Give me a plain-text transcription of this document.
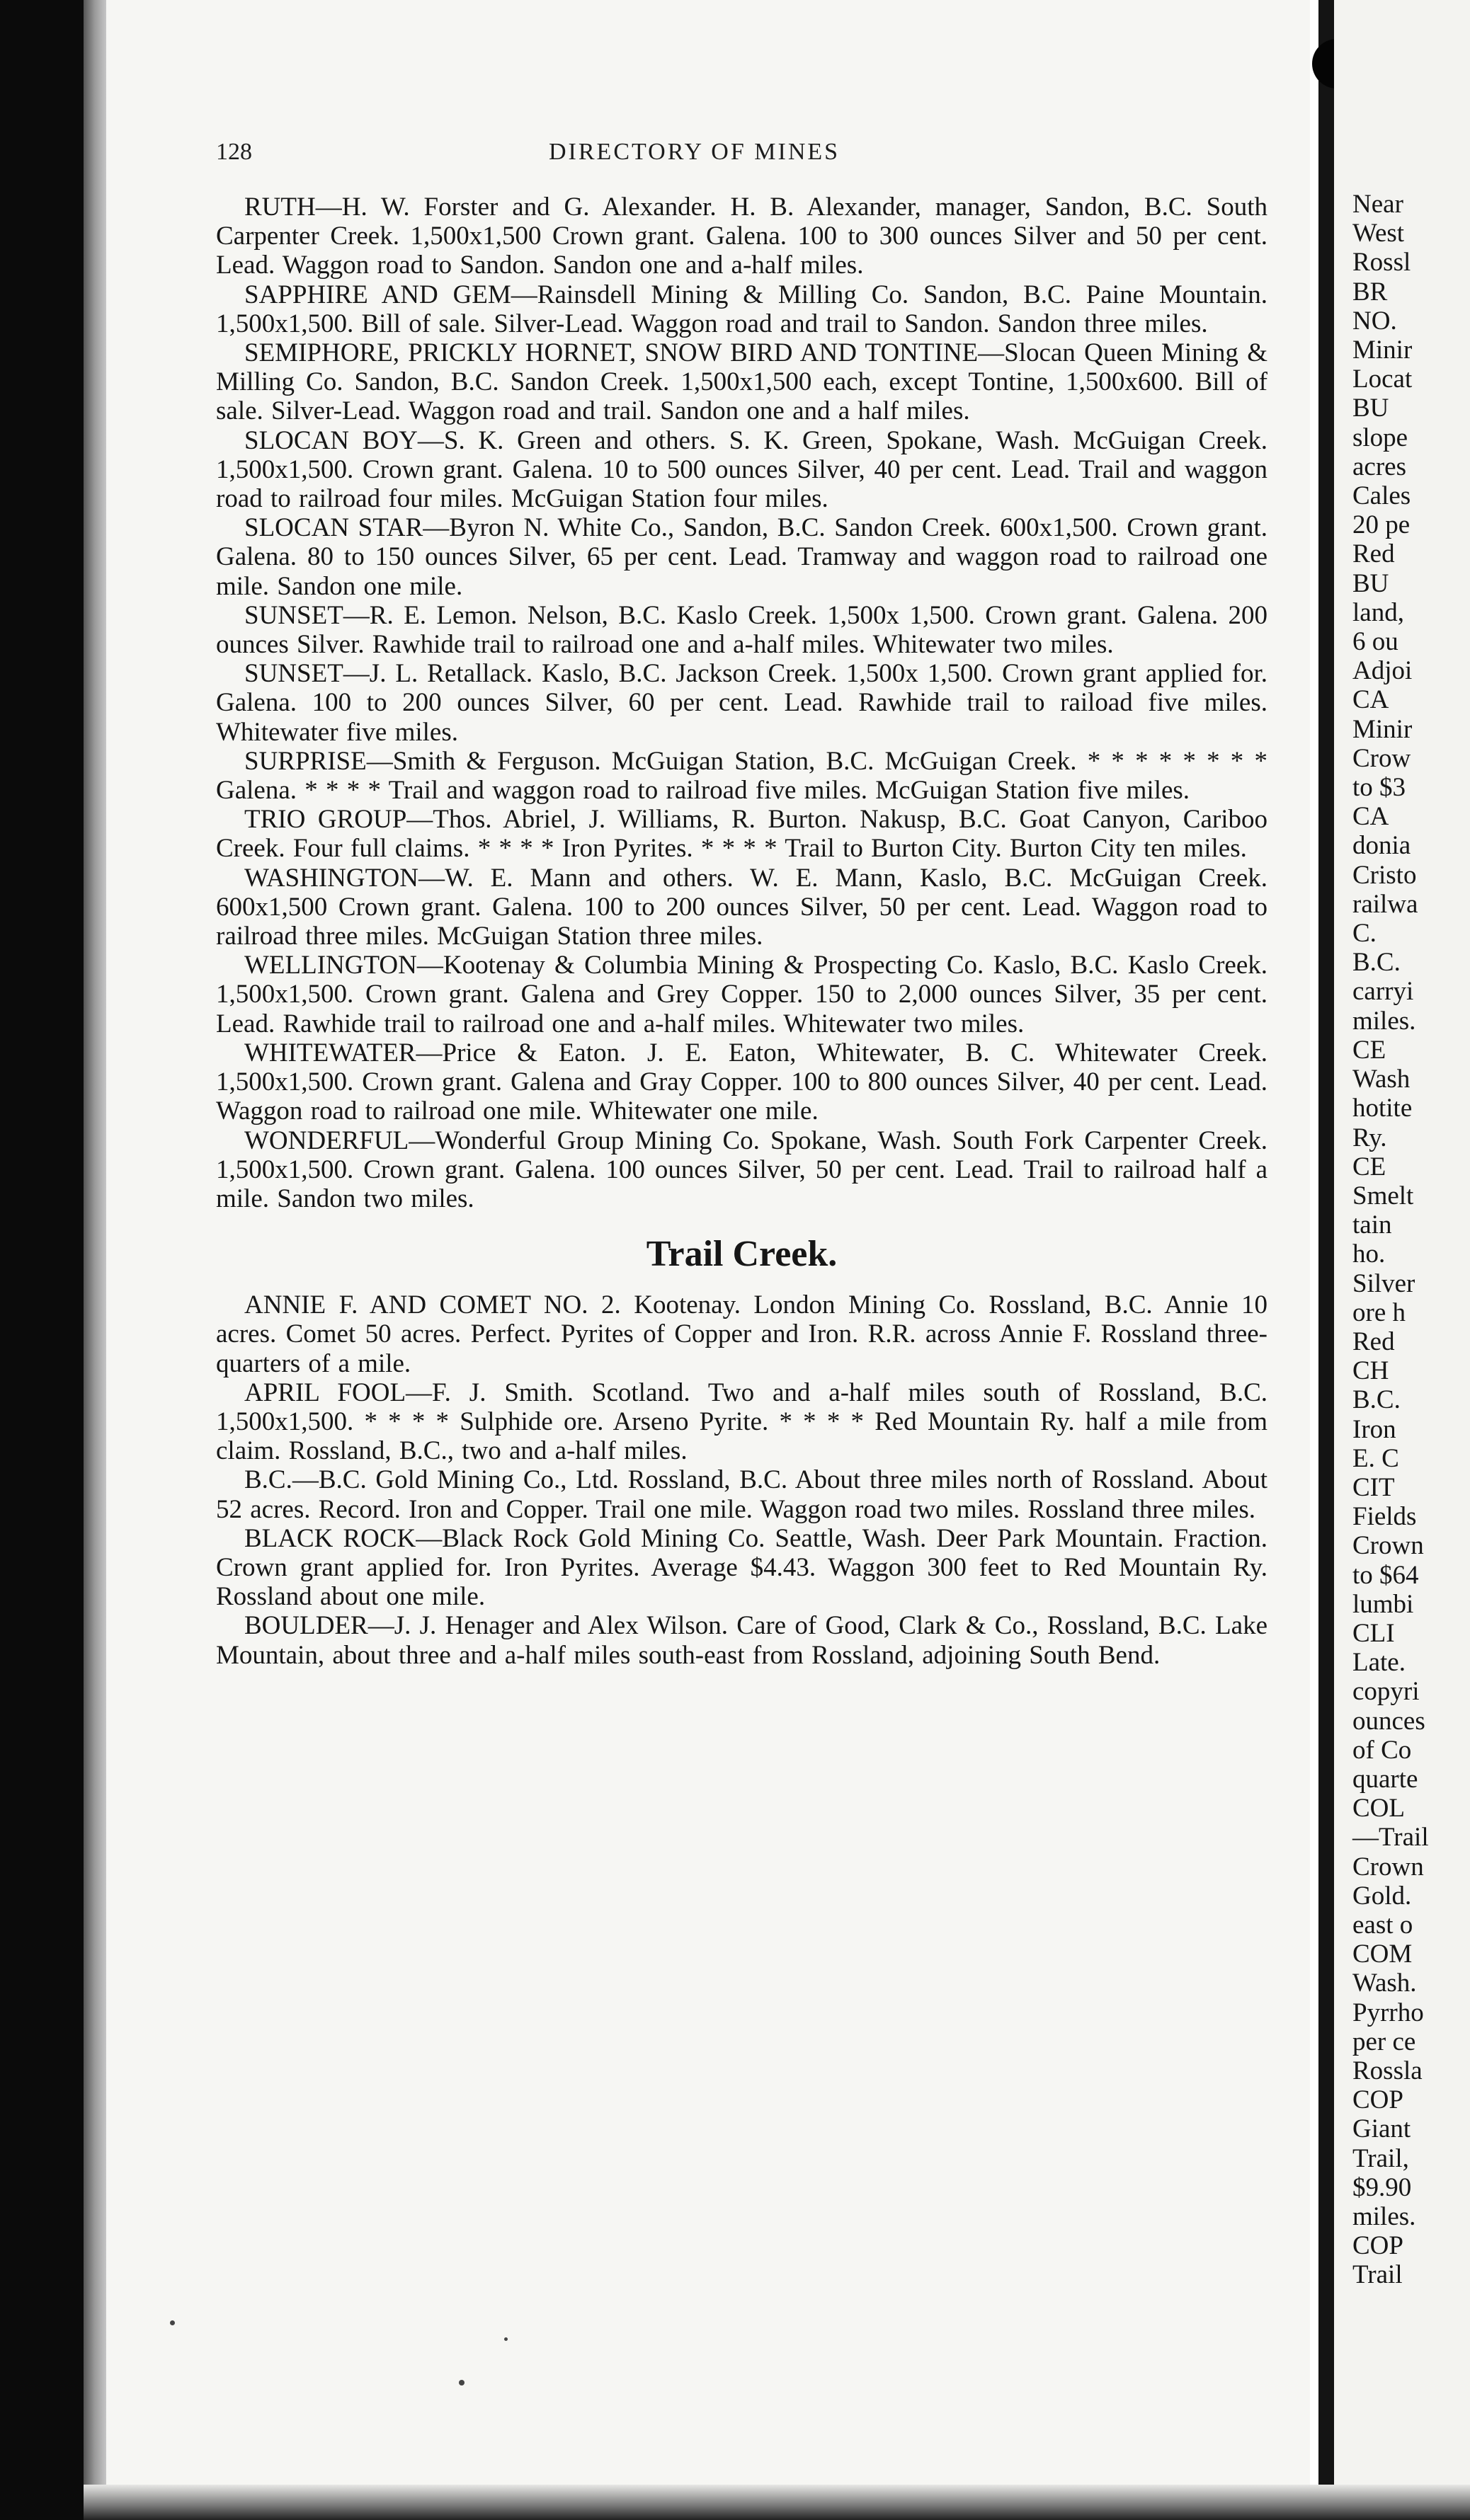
128	DIRECTORY OF MINES

RUTH—H. W. Forster and G. Alexander. H. B. Alexander, manager, Sandon, B.C. South Carpenter Creek. 1,500x1,500 Crown grant. Galena. 100 to 300 ounces Silver and 50 per cent. Lead. Waggon road to Sandon. Sandon one and a-half miles.

SAPPHIRE AND GEM—Rainsdell Mining & Milling Co. Sandon, B.C. Paine Mountain. 1,500x1,500. Bill of sale. Silver-Lead. Waggon road and trail to Sandon. Sandon three miles.

SEMIPHORE, PRICKLY HORNET, SNOW BIRD AND TONTINE—Slocan Queen Mining & Milling Co. Sandon, B.C. Sandon Creek. 1,500x1,500 each, except Tontine, 1,500x600. Bill of sale. Silver-Lead. Waggon road and trail. Sandon one and a half miles.

SLOCAN BOY—S. K. Green and others. S. K. Green, Spokane, Wash. McGuigan Creek. 1,500x1,500. Crown grant. Galena. 10 to 500 ounces Silver, 40 per cent. Lead. Trail and waggon road to railroad four miles. McGuigan Station four miles.

SLOCAN STAR—Byron N. White Co., Sandon, B.C. Sandon Creek. 600x1,500. Crown grant. Galena. 80 to 150 ounces Silver, 65 per cent. Lead. Tramway and waggon road to railroad one mile. Sandon one mile.

SUNSET—R. E. Lemon. Nelson, B.C. Kaslo Creek. 1,500x 1,500. Crown grant. Galena. 200 ounces Silver. Rawhide trail to railroad one and a-half miles. Whitewater two miles.

SUNSET—J. L. Retallack. Kaslo, B.C. Jackson Creek. 1,500x 1,500. Crown grant applied for. Galena. 100 to 200 ounces Silver, 60 per cent. Lead. Rawhide trail to raiload five miles. Whitewater five miles.

SURPRISE—Smith & Ferguson. McGuigan Station, B.C. McGuigan Creek. * * * * * * * * Galena. * * * * Trail and waggon road to railroad five miles. McGuigan Station five miles.

TRIO GROUP—Thos. Abriel, J. Williams, R. Burton. Nakusp, B.C. Goat Canyon, Cariboo Creek. Four full claims. * * * * Iron Pyrites. * * * * Trail to Burton City. Burton City ten miles.

WASHINGTON—W. E. Mann and others. W. E. Mann, Kaslo, B.C. McGuigan Creek. 600x1,500 Crown grant. Galena. 100 to 200 ounces Silver, 50 per cent. Lead. Waggon road to railroad three miles. McGuigan Station three miles.

WELLINGTON—Kootenay & Columbia Mining & Prospecting Co. Kaslo, B.C. Kaslo Creek. 1,500x1,500. Crown grant. Galena and Grey Copper. 150 to 2,000 ounces Silver, 35 per cent. Lead. Rawhide trail to railroad one and a-half miles. Whitewater two miles.

WHITEWATER—Price & Eaton. J. E. Eaton, Whitewater, B. C. Whitewater Creek. 1,500x1,500. Crown grant. Galena and Gray Copper. 100 to 800 ounces Silver, 40 per cent. Lead. Waggon road to railroad one mile. Whitewater one mile.

WONDERFUL—Wonderful Group Mining Co. Spokane, Wash. South Fork Carpenter Creek. 1,500x1,500. Crown grant. Galena. 100 ounces Silver, 50 per cent. Lead. Trail to railroad half a mile. Sandon two miles.

Trail Creek.

ANNIE F. AND COMET NO. 2. Kootenay. London Mining Co. Rossland, B.C. Annie 10 acres. Comet 50 acres. Perfect. Pyrites of Copper and Iron. R.R. across Annie F. Rossland three-quarters of a mile.

APRIL FOOL—F. J. Smith. Scotland. Two and a-half miles south of Rossland, B.C. 1,500x1,500. * * * * Sulphide ore. Arseno Pyrite. * * * * Red Mountain Ry. half a mile from claim. Rossland, B.C., two and a-half miles.

B.C.—B.C. Gold Mining Co., Ltd. Rossland, B.C. About three miles north of Rossland. About 52 acres. Record. Iron and Copper. Trail one mile. Waggon road two miles. Rossland three miles.

BLACK ROCK—Black Rock Gold Mining Co. Seattle, Wash. Deer Park Mountain. Fraction. Crown grant applied for. Iron Pyrites. Average $4.43. Waggon 300 feet to Red Mountain Ry. Rossland about one mile.

BOULDER—J. J. Henager and Alex Wilson. Care of Good, Clark & Co., Rossland, B.C. Lake Mountain, about three and a-half miles south-east from Rossland, adjoining South Bend.

Near
West
Rossl
BR
NO.
Minir
Locat
BU
slope
acres
Cales
20 pe
Red
BU
land,
6 ou
Adjoi
CA
Minir
Crow
to $3
CA
donia
Cristo
railwa
C.
B.C.
carryi
miles.
CE
Wash
hotite
Ry.
CE
Smelt
tain
ho.
Silver
ore h
Red
CH
B.C.
Iron
E. C
CIT
Fields
Crown
to $64
lumbi
CLI
Late.
copyri
ounces
of Co
quarte
COL
—Trail
Crown
Gold.
east o
COM
Wash.
Pyrrho
per ce
Rossla
COP
Giant
Trail,
$9.90
miles.
COP
Trail
